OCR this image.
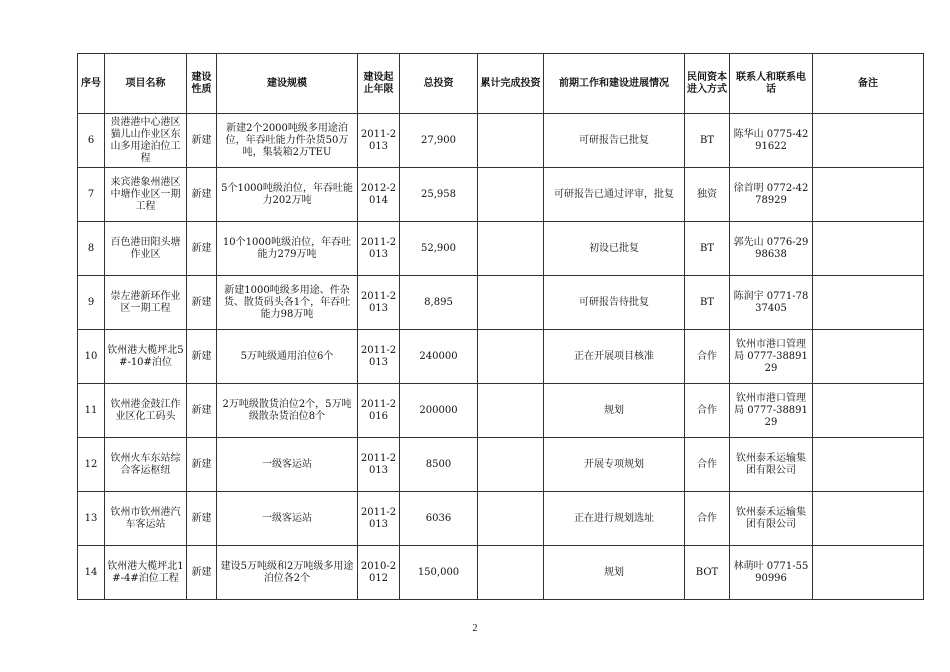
序号	项目名称	建设性质	建设规模	建设起止年限	总投资	累计完成投资	前期工作和建设进展情况	民间资本进入方式	联系人和联系电话	备注
6	贵港港中心港区猫儿山作业区东山多用途泊位工程	新建	新建2个2000吨级多用途泊位，年吞吐能力件杂货50万吨，集装箱2万TEU	2011-2013	27,900		可研报告已批复	BT	陈华山 0775-4291622	
7	来宾港象州港区中塘作业区一期工程	新建	5个1000吨级泊位，年吞吐能力202万吨	2012-2014	25,958		可研报告已通过评审，批复	独资	徐首明 0772-4278929	
8	百色港田阳头塘作业区	新建	10个1000吨级泊位，年吞吐能力279万吨	2011-2013	52,900		初设已批复	BT	郭先山 0776-2998638	
9	崇左港新环作业区一期工程	新建	新建1000吨级多用途、件杂货、散货码头各1个，年吞吐能力98万吨	2011-2013	8,895		可研报告待批复	BT	陈润宇 0771-7837405	
10	钦州港大榄坪北5#-10#泊位	新建	5万吨级通用泊位6个	2011-2013	240000		正在开展项目核准	合作	钦州市港口管理局 0777-3889129	
11	钦州港金鼓江作业区化工码头	新建	2万吨级散货泊位2个，5万吨级散杂货泊位8个	2011-2016	200000		规划	合作	钦州市港口管理局 0777-3889129	
12	钦州火车东站综合客运枢纽	新建	一级客运站	2011-2013	8500		开展专项规划	合作	钦州泰禾运输集团有限公司	
13	钦州市钦州港汽车客运站	新建	一级客运站	2011-2013	6036		正在进行规划选址	合作	钦州泰禾运输集团有限公司	
14	钦州港大榄坪北1#-4#泊位工程	新建	建设5万吨级和2万吨级多用途泊位各2个	2010-2012	150,000		规划	BOT	林萌叶 0771-5590996	
2
